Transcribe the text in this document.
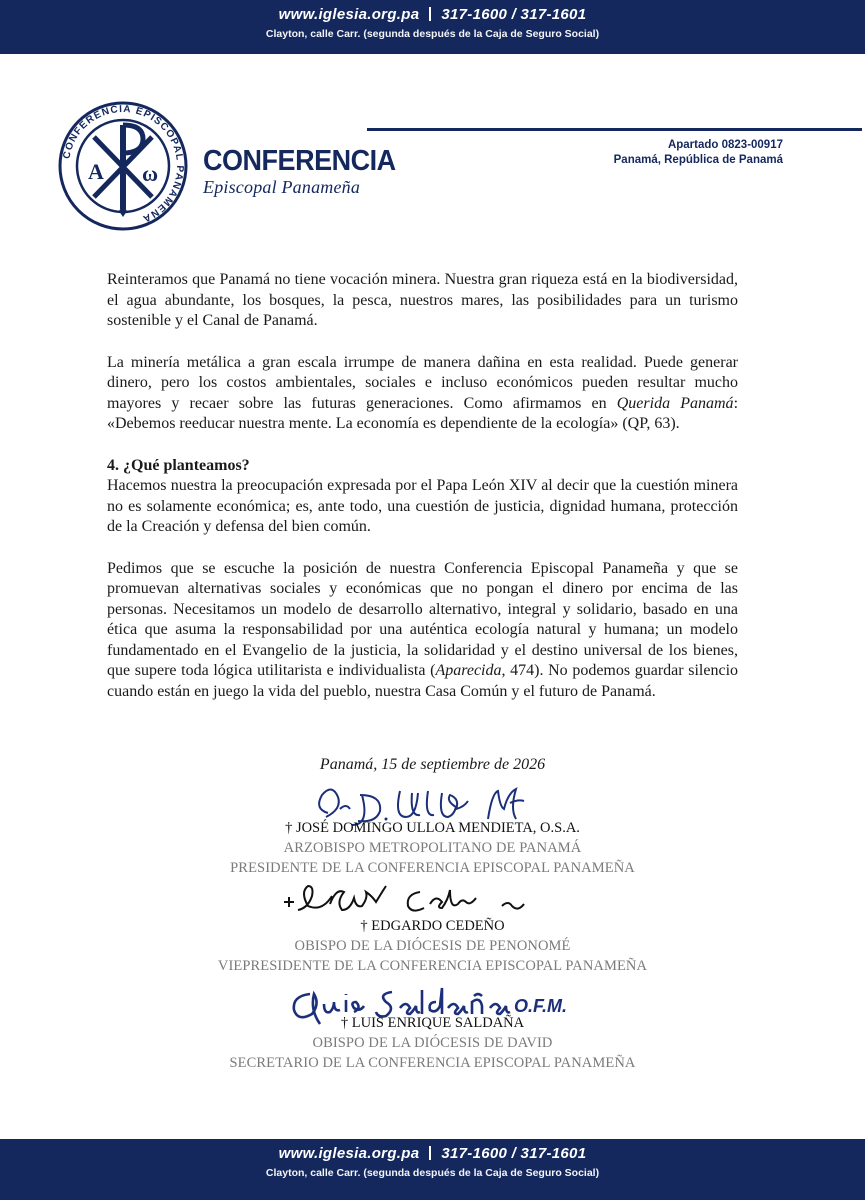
www.iglesia.org.pa 317-1600 / 317-1601
Clayton, calle Carr. (segunda después de la Caja de Seguro Social)
CONFERENCIA EPISCOPAL PANAMEÑA
A ω CONFERENCIA
Episcopal Panameña
Apartado 0823-00917
Panamá, República de Panamá

Reinteramos que Panamá no tiene vocación minera. Nuestra gran riqueza está en la biodiversidad, el agua abundante, los bosques, la pesca, nuestros mares, las posibilidades para un turismo sostenible y el Canal de Panamá.

La minería metálica a gran escala irrumpe de manera dañina en esta realidad. Puede generar dinero, pero los costos ambientales, sociales e incluso económicos pueden resultar mucho mayores y recaer sobre las futuras generaciones. Como afirmamos en Querida Panamá: «Debemos reeducar nuestra mente. La economía es dependiente de la ecología» (QP, 63).

4. ¿Qué planteamos?

Hacemos nuestra la preocupación expresada por el Papa León XIV al decir que la cuestión minera no es solamente económica; es, ante todo, una cuestión de justicia, dignidad humana, protección de la Creación y defensa del bien común.

Pedimos que se escuche la posición de nuestra Conferencia Episcopal Panameña y que se promuevan alternativas sociales y económicas que no pongan el dinero por encima de las personas. Necesitamos un modelo de desarrollo alternativo, integral y solidario, basado en una ética que asuma la responsabilidad por una auténtica ecología natural y humana; un modelo fundamentado en el Evangelio de la justicia, la solidaridad y el destino universal de los bienes, que supere toda lógica utilitarista e individualista (Aparecida, 474). No podemos guardar silencio cuando están en juego la vida del pueblo, nuestra Casa Común y el futuro de Panamá.

Panamá, 15 de septiembre de 2026
† JOSÉ DOMINGO ULLOA MENDIETA, O.S.A.
ARZOBISPO METROPOLITANO DE PANAMÁ
PRESIDENTE DE LA CONFERENCIA EPISCOPAL PANAMEÑA
† EDGARDO CEDEÑO
OBISPO DE LA DIÓCESIS DE PENONOMÉ
VIEPRESIDENTE DE LA CONFERENCIA EPISCOPAL PANAMEÑA
O.F.M.
† LUIS ENRIQUE SALDAÑA
OBISPO DE LA DIÓCESIS DE DAVID
SECRETARIO DE LA CONFERENCIA EPISCOPAL PANAMEÑA
www.iglesia.org.pa 317-1600 / 317-1601
Clayton, calle Carr. (segunda después de la Caja de Seguro Social)
